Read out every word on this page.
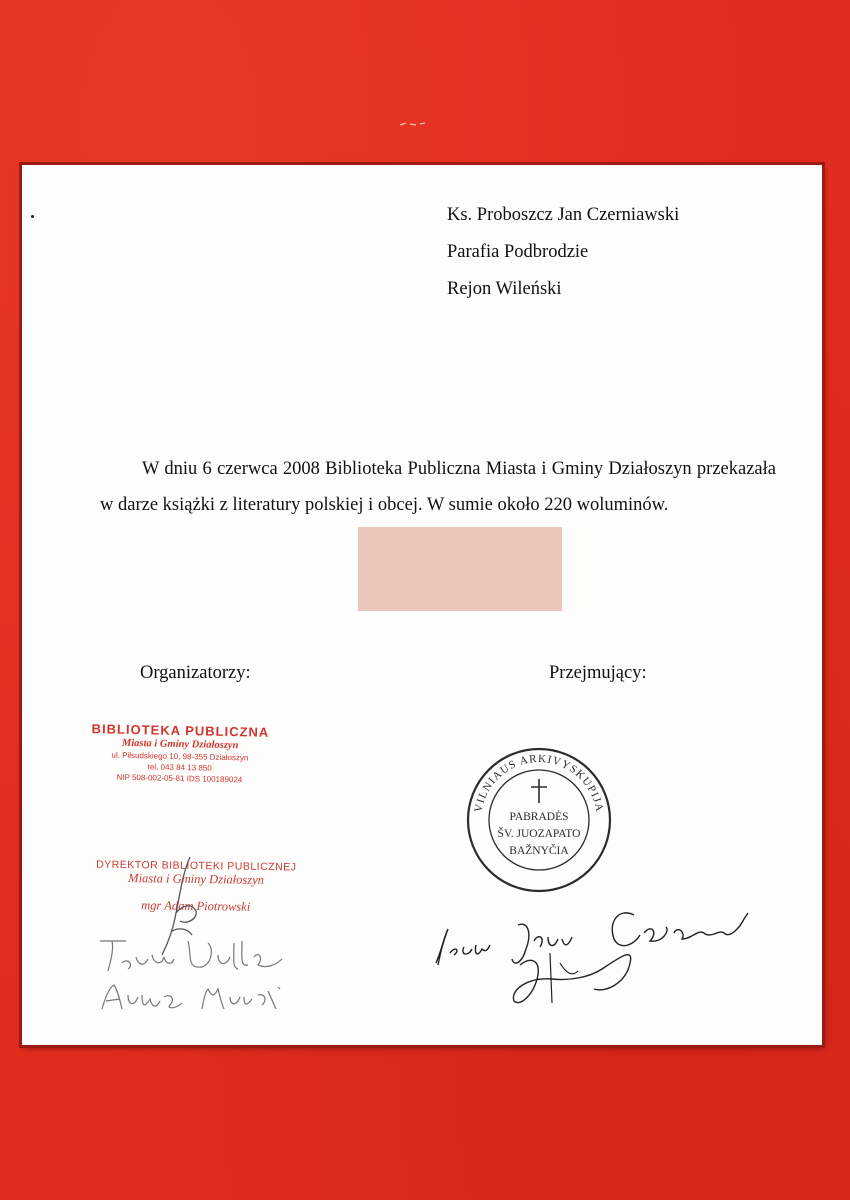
Ks. Proboszcz Jan Czerniawski
Parafia Podbrodzie
Rejon Wileński
W dniu 6 czerwca 2008 Biblioteka Publiczna Miasta i Gminy Działoszyn przekazała w darze książki z literatury polskiej i obcej. W sumie około 220 woluminów.
Organizatorzy:	Przejmujący:
BIBLIOTEKA PUBLICZNA
Miasta i Gminy Działoszyn
ul. Piłsudskiego 10, 98-355 Działoszyn
tel. 043 84 13 850
NIP 508-002-05-81 IDS 100189024
DYREKTOR BIBLIOTEKI PUBLICZNEJ
Miasta i Gminy Działoszyn
mgr Adam Piotrowski
VILNIAUS ARKIVYSKUPIJA
PABRADĖS
ŠV. JUOZAPATO
BAŽNYČIA
